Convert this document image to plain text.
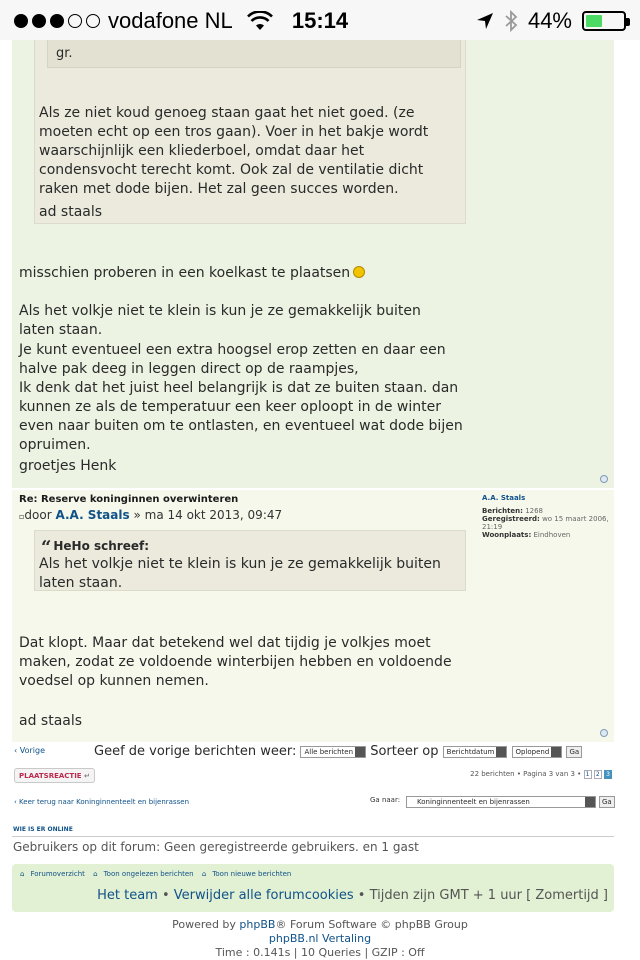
vodafone NL	15:14	44%
gr.
Als ze niet koud genoeg staan gaat het niet goed. (ze moeten echt op een tros gaan). Voer in het bakje wordt waarschijnlijk een kliederboel, omdat daar het condensvocht terecht komt. Ook zal de ventilatie dicht raken met dode bijen. Het zal geen succes worden.
ad staals
misschien proberen in een koelkast te plaatsen
Als het volkje niet te klein is kun je ze gemakkelijk buiten laten staan.
Je kunt eventueel een extra hoogsel erop zetten en daar een halve pak deeg in leggen direct op de raampjes,
Ik denk dat het juist heel belangrijk is dat ze buiten staan. dan kunnen ze als de temperatuur een keer oploopt in de winter even naar buiten om te ontlasten, en eventueel wat dode bijen opruimen.
groetjes Henk
Re: Reserve koninginnen overwinteren
▫door A.A. Staals » ma 14 okt 2013, 09:47
A.A. Staals
Berichten: 1268
Geregistreerd: wo 15 maart 2006, 21:19
Woonplaats: Eindhoven
“ HeHo schreef:
Als het volkje niet te klein is kun je ze gemakkelijk buiten laten staan.
Dat klopt. Maar dat betekend wel dat tijdig je volkjes moet maken, zodat ze voldoende winterbijen hebben en voldoende voedsel op kunnen nemen.
ad staals
‹ Vorige	Geef de vorige berichten weer: Alle berichten Sorteer op Berichtdatum	Oplopend	Ga
PLAATSREACTIE ↵	22 berichten • Pagina 3 van 3 • 1 2 3
‹ Keer terug naar Koninginnenteelt en bijenrassen	Ga naar:	Koninginnenteelt en bijenrassen	Ga
WIE IS ER ONLINE
Gebruikers op dit forum: Geen geregistreerde gebruikers. en 1 gast
⌂ Forumoverzicht ⌂ Toon ongelezen berichten ⌂ Toon nieuwe berichten
Het team • Verwijder alle forumcookies • Tijden zijn GMT + 1 uur [ Zomertijd ]
Powered by phpBB® Forum Software © phpBB Group
phpBB.nl Vertaling
Time : 0.141s | 10 Queries | GZIP : Off
